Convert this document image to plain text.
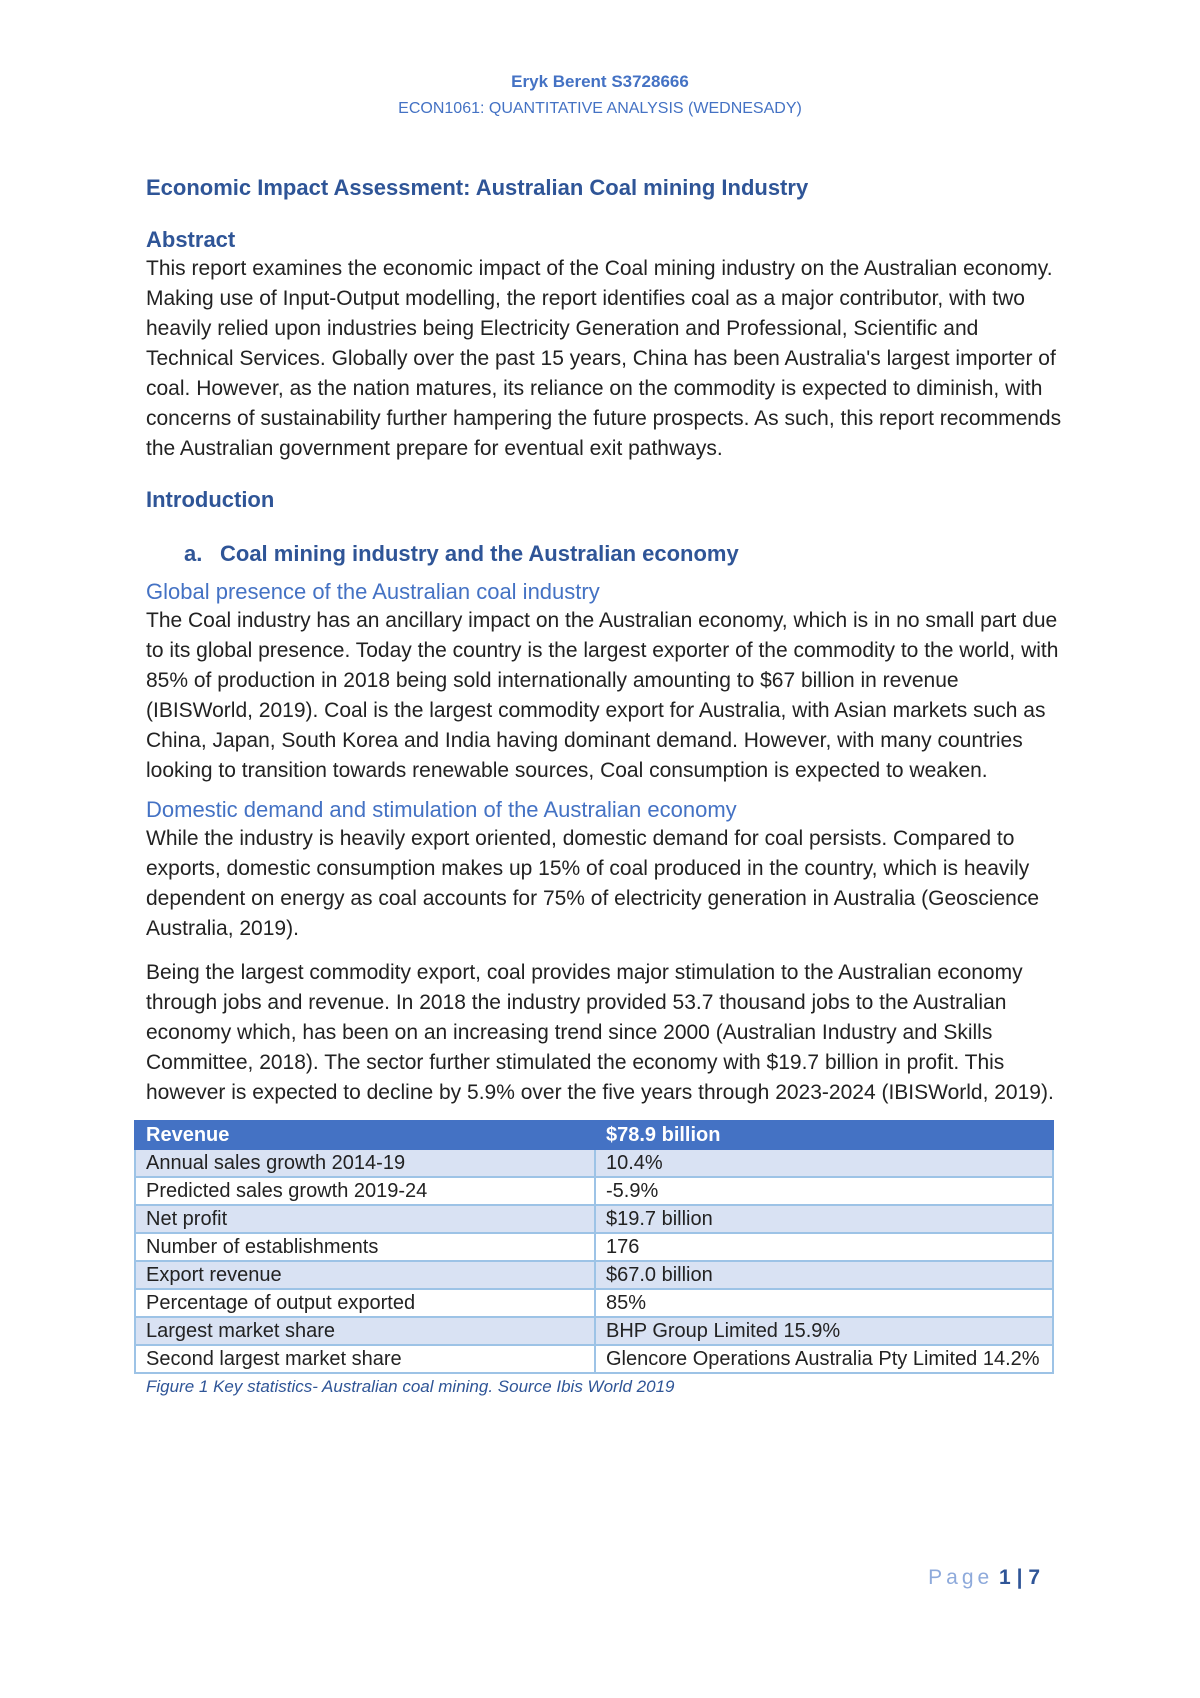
Eryk Berent S3728666
ECON1061: QUANTITATIVE ANALYSIS (WEDNESADY)
Economic Impact Assessment: Australian Coal mining Industry
Abstract

This report examines the economic impact of the Coal mining industry on the Australian economy. Making use of Input-Output modelling, the report identifies coal as a major contributor, with two heavily relied upon industries being Electricity Generation and Professional, Scientific and Technical Services. Globally over the past 15 years, China has been Australia's largest importer of coal. However, as the nation matures, its reliance on the commodity is expected to diminish, with concerns of sustainability further hampering the future prospects. As such, this report recommends the Australian government prepare for eventual exit pathways.

Introduction
a. Coal mining industry and the Australian economy
Global presence of the Australian coal industry

The Coal industry has an ancillary impact on the Australian economy, which is in no small part due to its global presence. Today the country is the largest exporter of the commodity to the world, with 85% of production in 2018 being sold internationally amounting to $67 billion in revenue (IBISWorld, 2019). Coal is the largest commodity export for Australia, with Asian markets such as China, Japan, South Korea and India having dominant demand. However, with many countries looking to transition towards renewable sources, Coal consumption is expected to weaken.

Domestic demand and stimulation of the Australian economy

While the industry is heavily export oriented, domestic demand for coal persists. Compared to exports, domestic consumption makes up 15% of coal produced in the country, which is heavily dependent on energy as coal accounts for 75% of electricity generation in Australia (Geoscience Australia, 2019).

Being the largest commodity export, coal provides major stimulation to the Australian economy through jobs and revenue. In 2018 the industry provided 53.7 thousand jobs to the Australian economy which, has been on an increasing trend since 2000 (Australian Industry and Skills Committee, 2018). The sector further stimulated the economy with $19.7 billion in profit. This however is expected to decline by 5.9% over the five years through 2023-2024 (IBISWorld, 2019).

Revenue	$78.9 billion
Annual sales growth 2014-19	10.4%
Predicted sales growth 2019-24	-5.9%
Net profit	$19.7 billion
Number of establishments	176
Export revenue	$67.0 billion
Percentage of output exported	85%
Largest market share	BHP Group Limited 15.9%
Second largest market share	Glencore Operations Australia Pty Limited 14.2%
Figure 1 Key statistics- Australian coal mining. Source Ibis World 2019
Page 1 | 7
